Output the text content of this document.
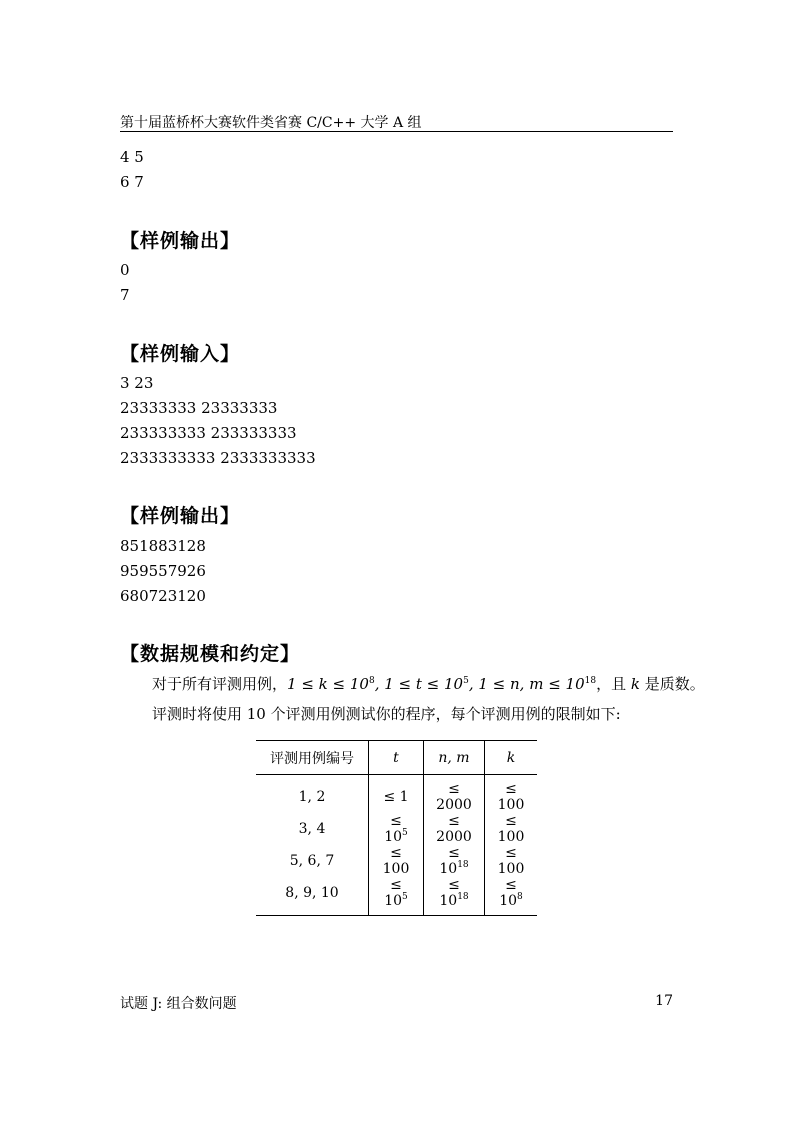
第十届蓝桥杯大赛软件类省赛 C/C++ 大学 A 组
4 5
6 7
【样例输出】
0
7
【样例输入】
3 23
23333333 23333333
233333333 233333333
2333333333 2333333333
【样例输出】
851883128
959557926
680723120
【数据规模和约定】
对于所有评测用例，$1 \le k \le 10^8$, $1 \le t \le 10^5$, 1 ≤ n, $m \le 10^{18}$，且 k 是质数。
评测时将使用 10 个评测用例测试你的程序，每个评测用例的限制如下:
评测用例编号	t	n, m	k
1, 2	≤ 1	≤ 2000	≤ 100
3, 4	≤ $10^5$	≤ 2000	≤ 100
5, 6, 7	≤ 100	≤ $10^{18}$	≤ 100
8, 9, 10	≤ $10^5$	≤ $10^{18}$	≤ $10^8$
试题 J: 组合数问题	17
